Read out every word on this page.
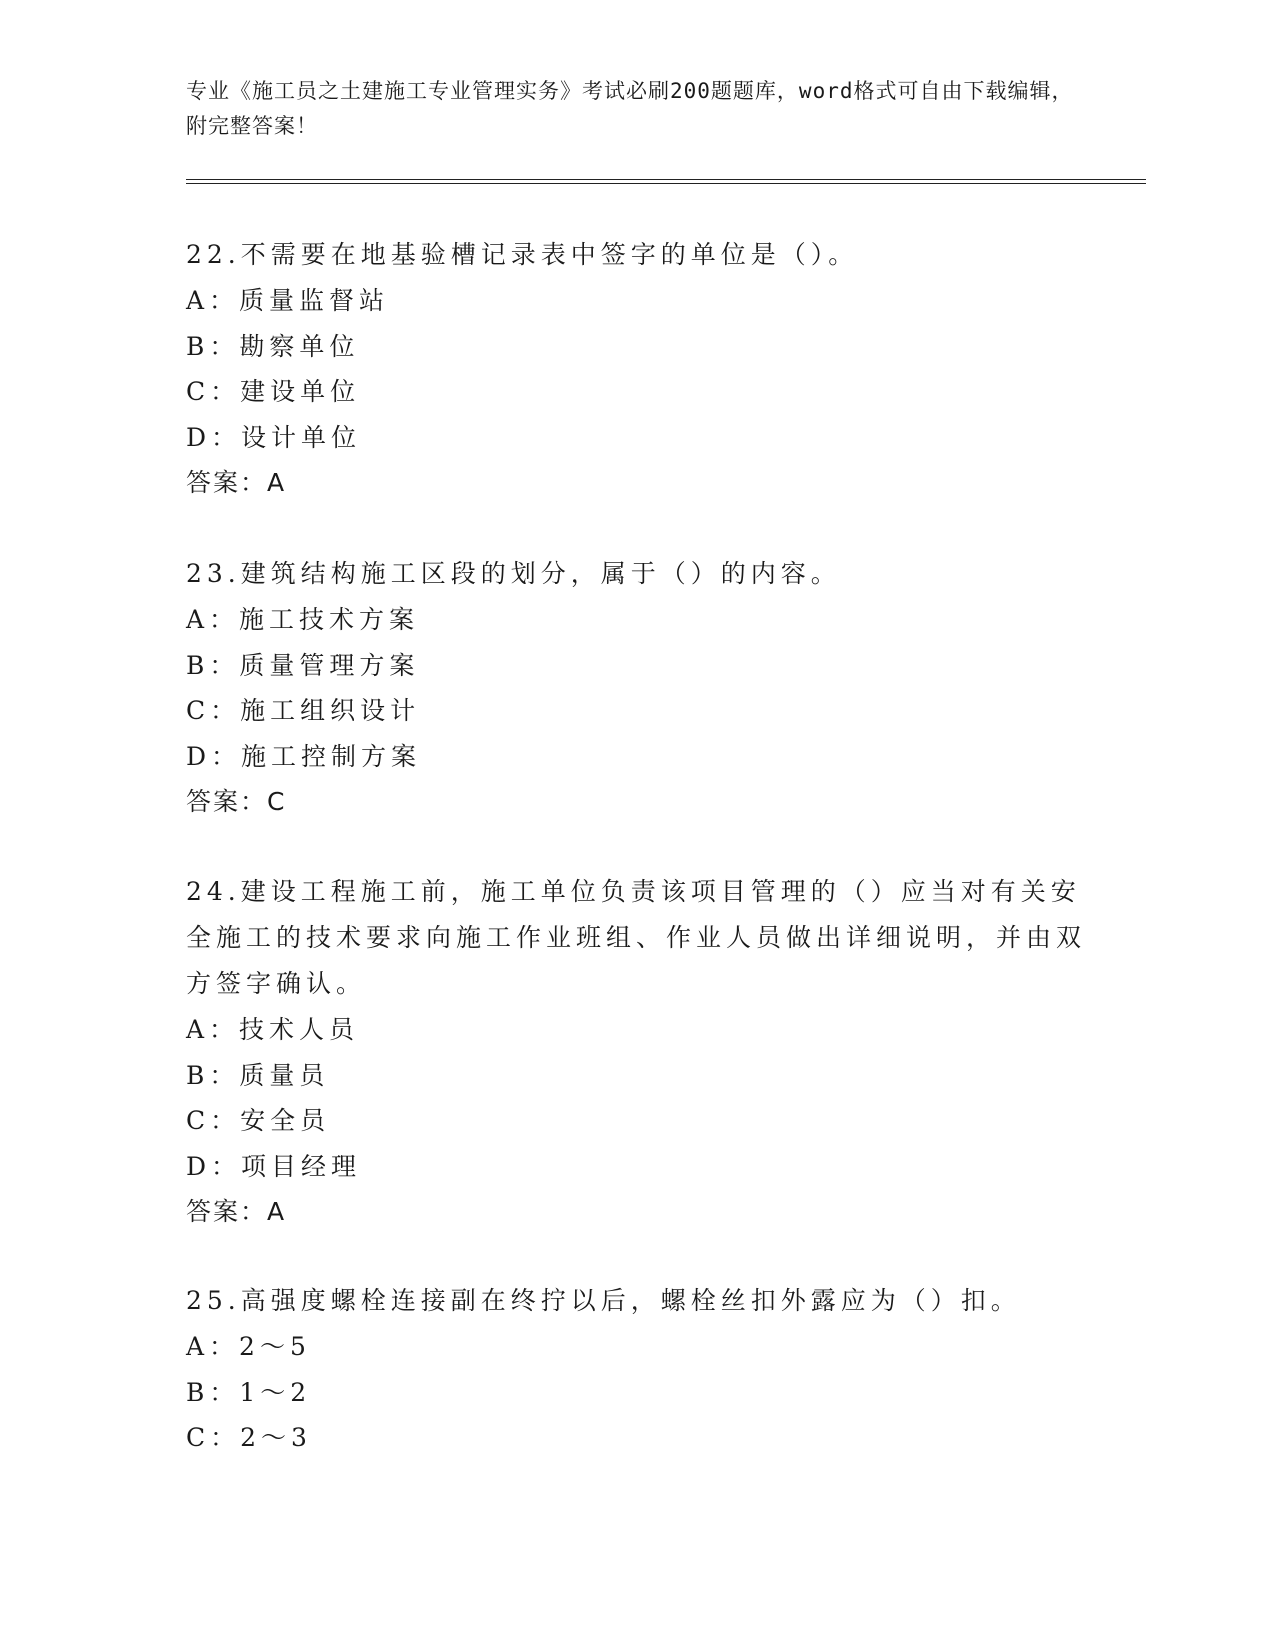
专业《施工员之土建施工专业管理实务》考试必刷200题题库，word格式可自由下载编辑，附完整答案！
22.不需要在地基验槽记录表中签字的单位是（）。
A：质量监督站
B：勘察单位
C：建设单位
D：设计单位
答案：A
23.建筑结构施工区段的划分，属于（）的内容。
A：施工技术方案
B：质量管理方案
C：施工组织设计
D：施工控制方案
答案：C
24.建设工程施工前，施工单位负责该项目管理的（）应当对有关安全施工的技术要求向施工作业班组、作业人员做出详细说明，并由双方签字确认。
A：技术人员
B：质量员
C：安全员
D：项目经理
答案：A
25.高强度螺栓连接副在终拧以后，螺栓丝扣外露应为（）扣。
A：2～5
B：1～2
C：2～3
